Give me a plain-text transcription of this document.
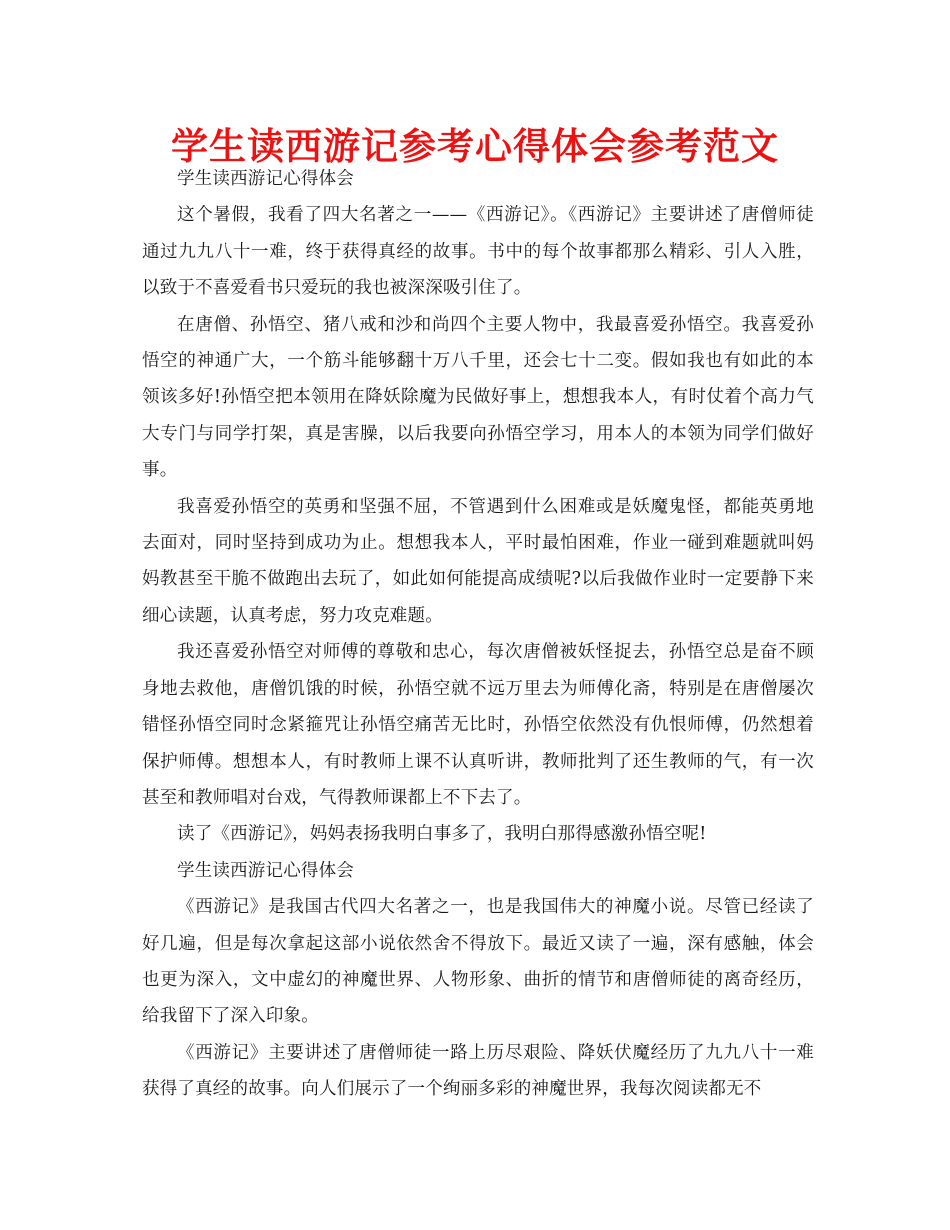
学生读西游记参考心得体会参考范文

学生读西游记心得体会

这个暑假，我看了四大名著之一——《西游记》。《西游记》主要讲述了唐僧师徒通过九九八十一难，终于获得真经的故事。书中的每个故事都那么精彩、引人入胜，以致于不喜爱看书只爱玩的我也被深深吸引住了。

在唐僧、孙悟空、猪八戒和沙和尚四个主要人物中，我最喜爱孙悟空。我喜爱孙悟空的神通广大，一个筋斗能够翻十万八千里，还会七十二变。假如我也有如此的本领该多好!孙悟空把本领用在降妖除魔为民做好事上，想想我本人，有时仗着个高力气大专门与同学打架，真是害臊，以后我要向孙悟空学习，用本人的本领为同学们做好事。

我喜爱孙悟空的英勇和坚强不屈，不管遇到什么困难或是妖魔鬼怪，都能英勇地去面对，同时坚持到成功为止。想想我本人，平时最怕困难，作业一碰到难题就叫妈妈教甚至干脆不做跑出去玩了，如此如何能提高成绩呢?以后我做作业时一定要静下来细心读题，认真考虑，努力攻克难题。

我还喜爱孙悟空对师傅的尊敬和忠心，每次唐僧被妖怪捉去，孙悟空总是奋不顾身地去救他，唐僧饥饿的时候，孙悟空就不远万里去为师傅化斋，特别是在唐僧屡次错怪孙悟空同时念紧箍咒让孙悟空痛苦无比时，孙悟空依然没有仇恨师傅，仍然想着保护师傅。想想本人，有时教师上课不认真听讲，教师批判了还生教师的气，有一次甚至和教师唱对台戏，气得教师课都上不下去了。

读了《西游记》，妈妈表扬我明白事多了，我明白那得感激孙悟空呢!

学生读西游记心得体会

《西游记》是我国古代四大名著之一，也是我国伟大的神魔小说。尽管已经读了好几遍，但是每次拿起这部小说依然舍不得放下。最近又读了一遍，深有感触，体会也更为深入，文中虚幻的神魔世界、人物形象、曲折的情节和唐僧师徒的离奇经历，给我留下了深入印象。

《西游记》主要讲述了唐僧师徒一路上历尽艰险、降妖伏魔经历了九九八十一难获得了真经的故事。向人们展示了一个绚丽多彩的神魔世界，我每次阅读都无不
